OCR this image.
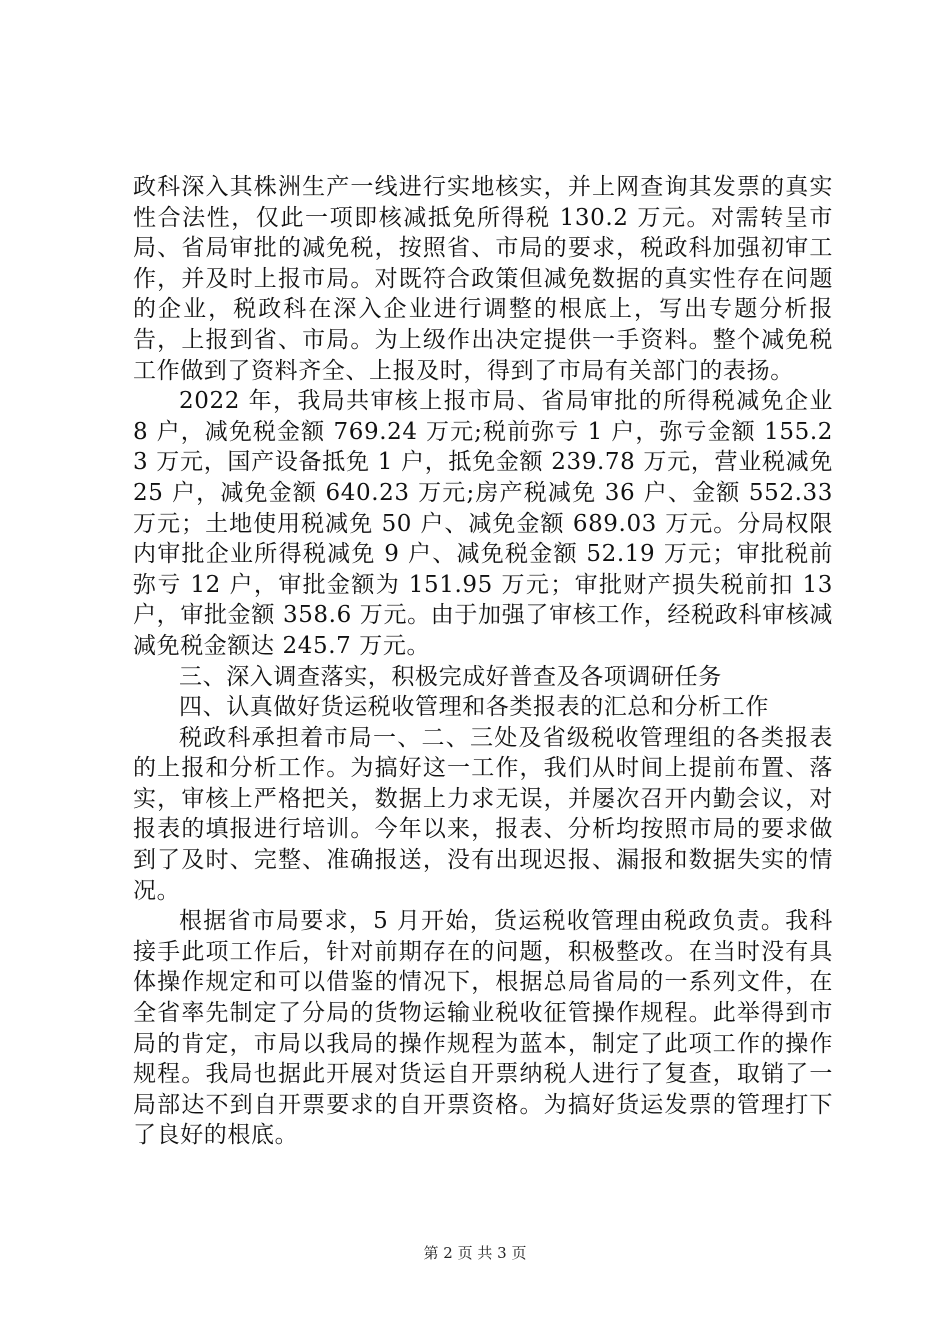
政科深入其株洲生产一线进行实地核实，并上网查询其发票的真实性合法性，仅此一项即核减抵免所得税 130.2 万元。对需转呈市局、省局审批的减免税，按照省、市局的要求，税政科加强初审工作，并及时上报市局。对既符合政策但减免数据的真实性存在问题的企业，税政科在深入企业进行调整的根底上，写出专题分析报告，上报到省、市局。为上级作出决定提供一手资料。整个减免税工作做到了资料齐全、上报及时，得到了市局有关部门的表扬。

2022 年，我局共审核上报市局、省局审批的所得税减免企业 8 户，减免税金额 769.24 万元;税前弥亏 1 户，弥亏金额 155.23 万元，国产设备抵免 1 户，抵免金额 239.78 万元，营业税减免 25 户，减免金额 640.23 万元;房产税减免 36 户、金额 552.33 万元；土地使用税减免 50 户、减免金额 689.03 万元。分局权限内审批企业所得税减免 9 户、减免税金额 52.19 万元；审批税前弥亏 12 户，审批金额为 151.95 万元；审批财产损失税前扣 13 户，审批金额 358.6 万元。由于加强了审核工作，经税政科审核减减免税金额达 245.7 万元。

三、深入调查落实，积极完成好普查及各项调研任务

四、认真做好货运税收管理和各类报表的汇总和分析工作

税政科承担着市局一、二、三处及省级税收管理组的各类报表的上报和分析工作。为搞好这一工作，我们从时间上提前布置、落实，审核上严格把关，数据上力求无误，并屡次召开内勤会议，对报表的填报进行培训。今年以来，报表、分析均按照市局的要求做到了及时、完整、准确报送，没有出现迟报、漏报和数据失实的情况。

根据省市局要求，5 月开始，货运税收管理由税政负责。我科接手此项工作后，针对前期存在的问题，积极整改。在当时没有具体操作规定和可以借鉴的情况下，根据总局省局的一系列文件，在全省率先制定了分局的货物运输业税收征管操作规程。此举得到市局的肯定，市局以我局的操作规程为蓝本，制定了此项工作的操作规程。我局也据此开展对货运自开票纳税人进行了复查，取销了一局部达不到自开票要求的自开票资格。为搞好货运发票的管理打下了良好的根底。

第 2 页 共 3 页
